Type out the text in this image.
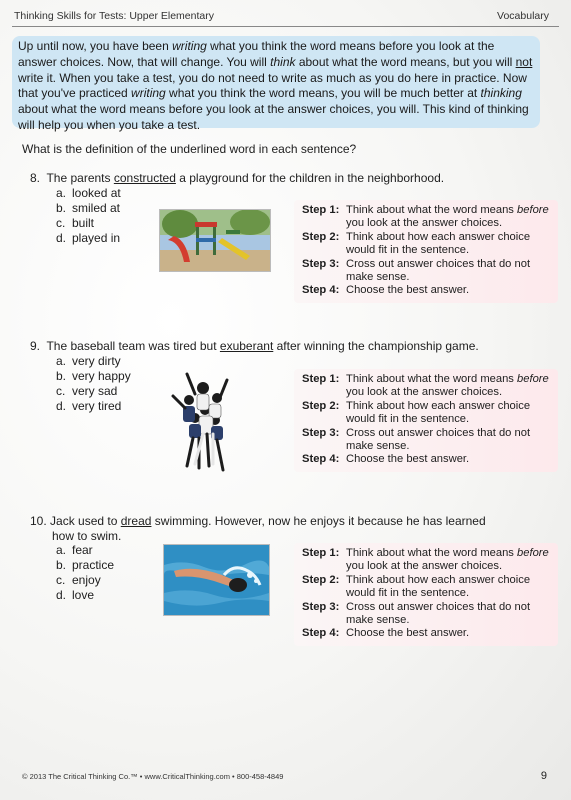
Thinking Skills for Tests: Upper Elementary	Vocabulary
Up until now, you have been writing what you think the word means before you look at the answer choices. Now, that will change. You will think about what the word means, but you will not write it. When you take a test, you do not need to write as much as you do here in practice. Now that you've practiced writing what you think the word means, you will be much better at thinking about what the word means before you look at the answer choices, you will. This kind of thinking will help you when you take a test.
What is the definition of the underlined word in each sentence?
8. The parents constructed a playground for the children in the neighborhood.
a. looked at
b. smiled at
c. built
d. played in
Step 1: Think about what the word means before you look at the answer choices.
Step 2: Think about how each answer choice would fit in the sentence.
Step 3: Cross out answer choices that do not make sense.
Step 4: Choose the best answer.
9. The baseball team was tired but exuberant after winning the championship game.
a. very dirty
b. very happy
c. very sad
d. very tired
Step 1: Think about what the word means before you look at the answer choices.
Step 2: Think about how each answer choice would fit in the sentence.
Step 3: Cross out answer choices that do not make sense.
Step 4: Choose the best answer.
10. Jack used to dread swimming. However, now he enjoys it because he has learned
how to swim.
a. fear
b. practice
c. enjoy
d. love
Step 1: Think about what the word means before you look at the answer choices.
Step 2: Think about how each answer choice would fit in the sentence.
Step 3: Cross out answer choices that do not make sense.
Step 4: Choose the best answer.
© 2013 The Critical Thinking Co.™ • www.CriticalThinking.com • 800-458-4849	9
